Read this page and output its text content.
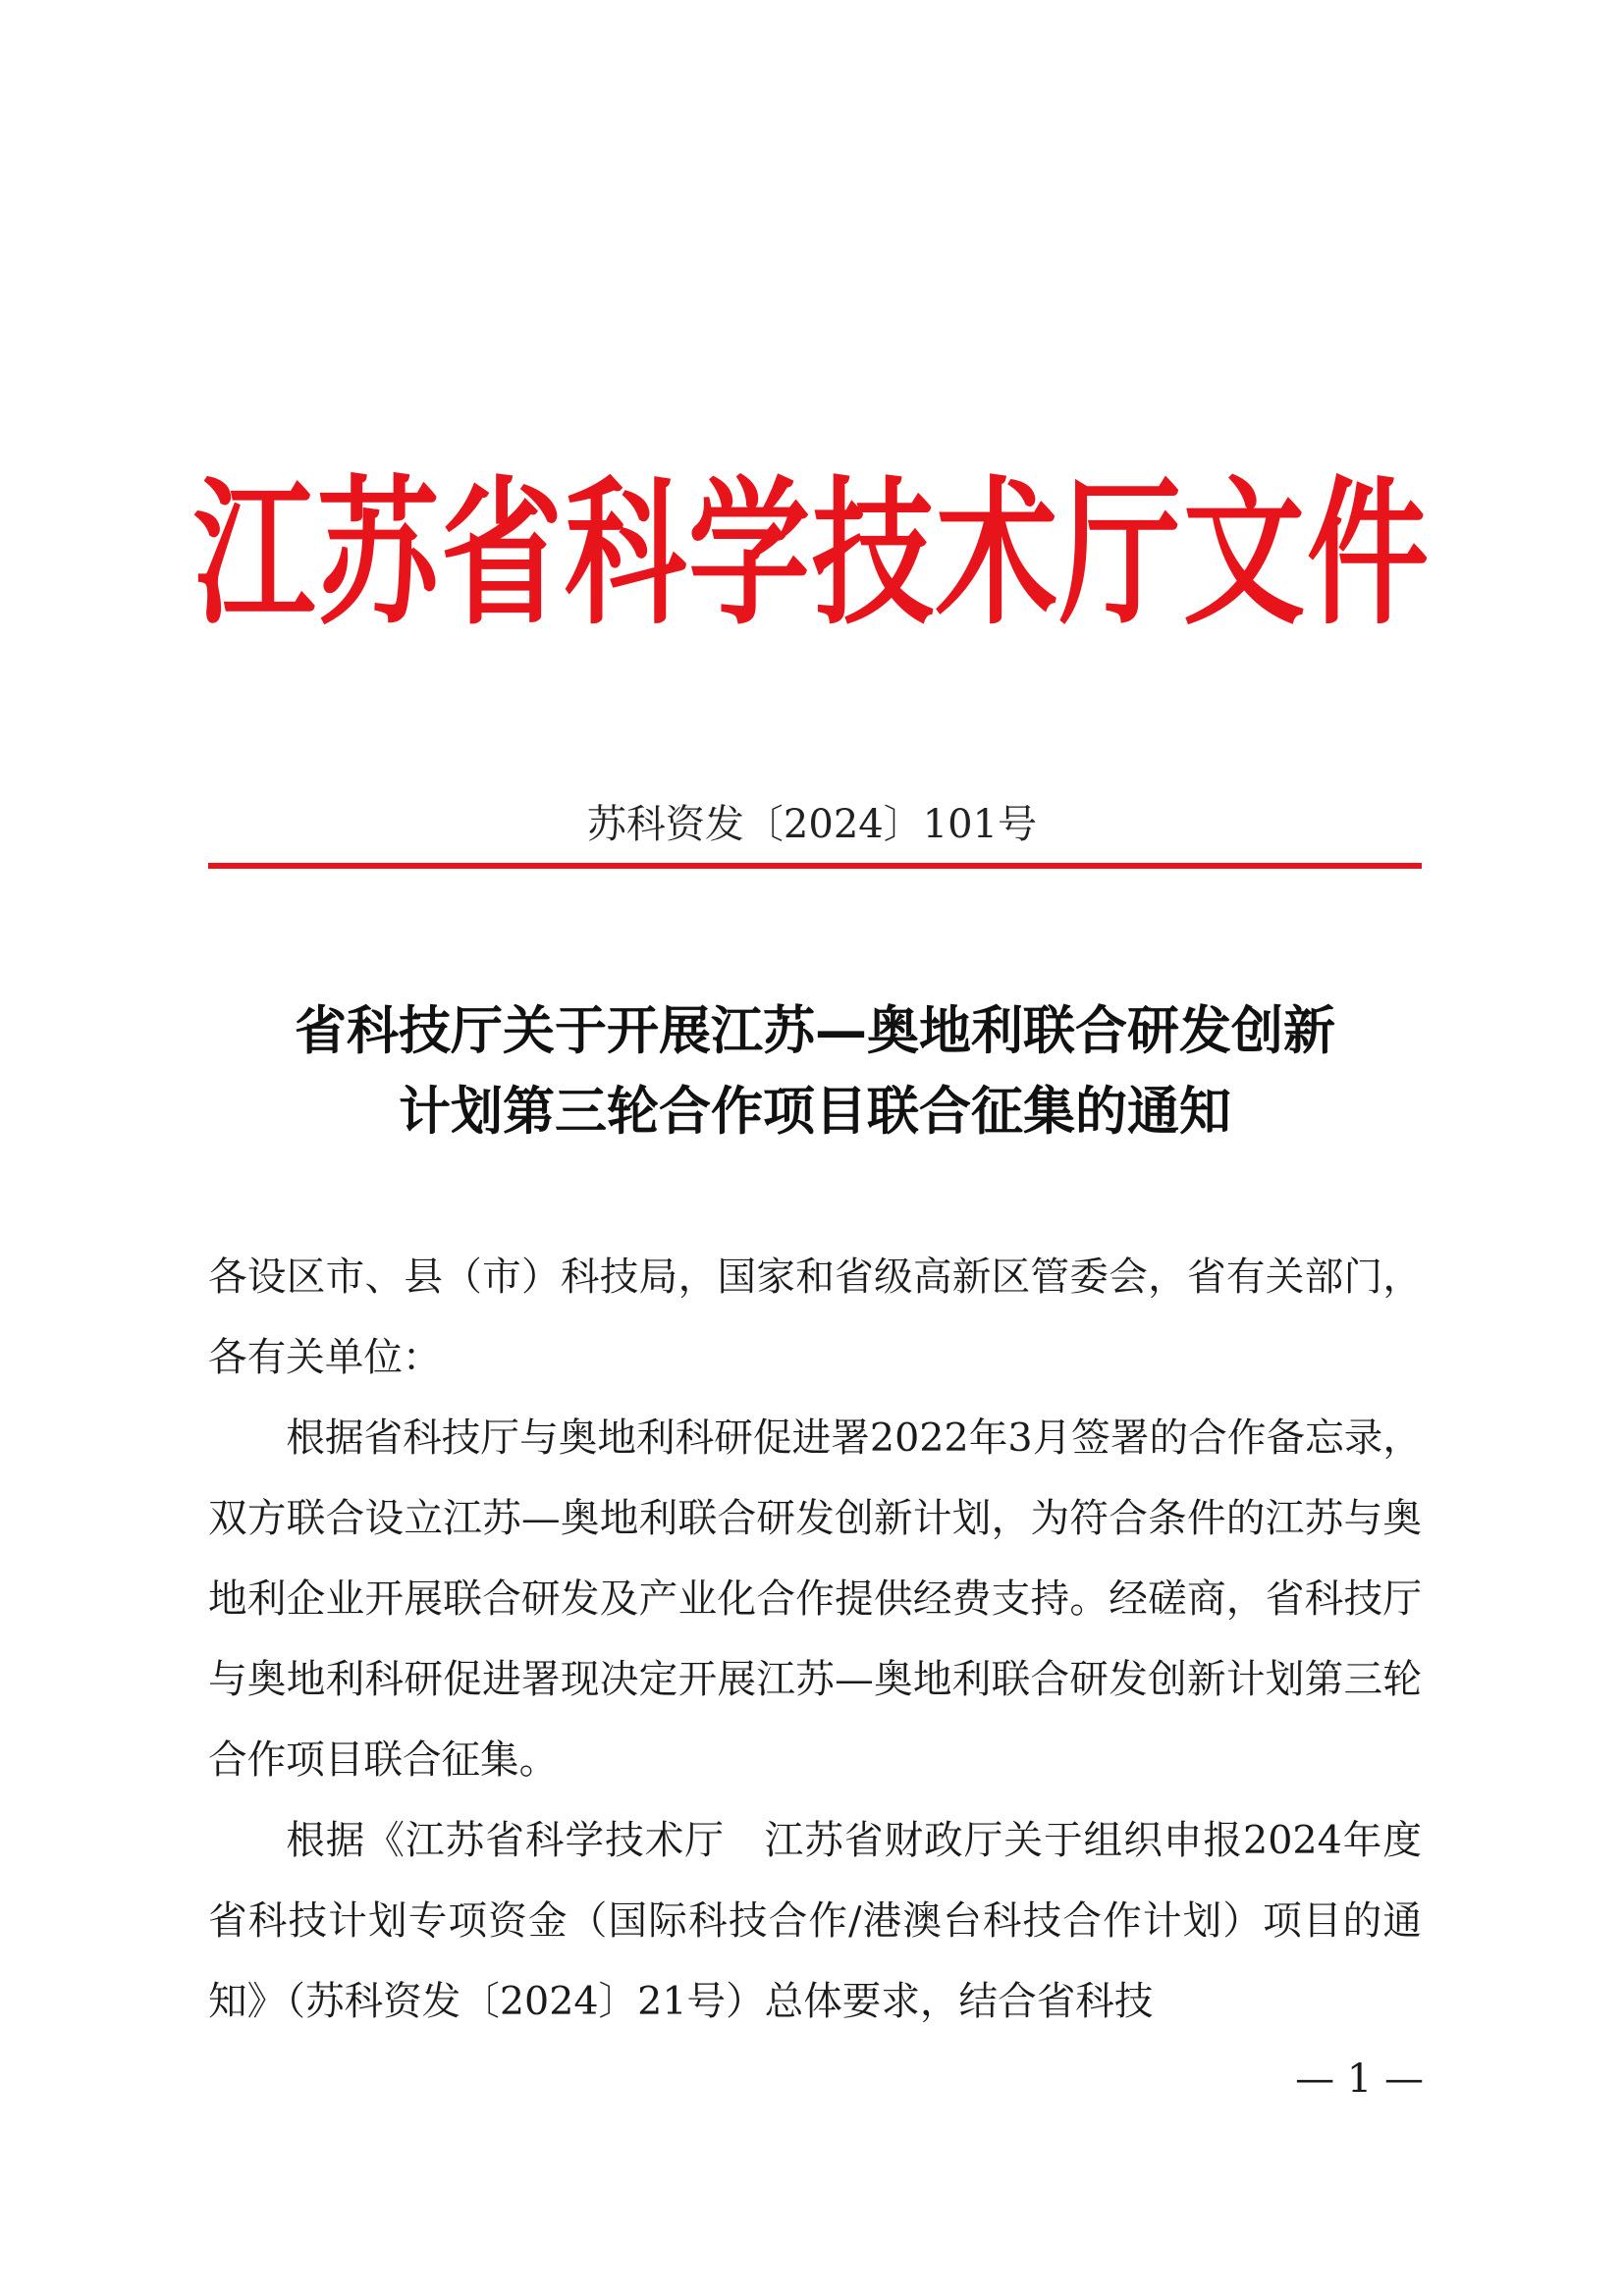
江苏省科学技术厅文件
苏科资发〔2024〕101号
省科技厅关于开展江苏—奥地利联合研发创新
计划第三轮合作项目联合征集的通知

各设区市、县（市）科技局，国家和省级高新区管委会，省有关部门，各有关单位：

根据省科技厅与奥地利科研促进署2022年3月签署的合作备忘录，双方联合设立江苏—奥地利联合研发创新计划，为符合条件的江苏与奥地利企业开展联合研发及产业化合作提供经费支持。经磋商，省科技厅与奥地利科研促进署现决定开展江苏—奥地利联合研发创新计划第三轮合作项目联合征集。

根据《江苏省科学技术厅　江苏省财政厅关于组织申报2024年度省科技计划专项资金（国际科技合作/港澳台科技合作计划）项目的通知》（苏科资发〔2024〕21号）总体要求，结合省科技

— 1 —
